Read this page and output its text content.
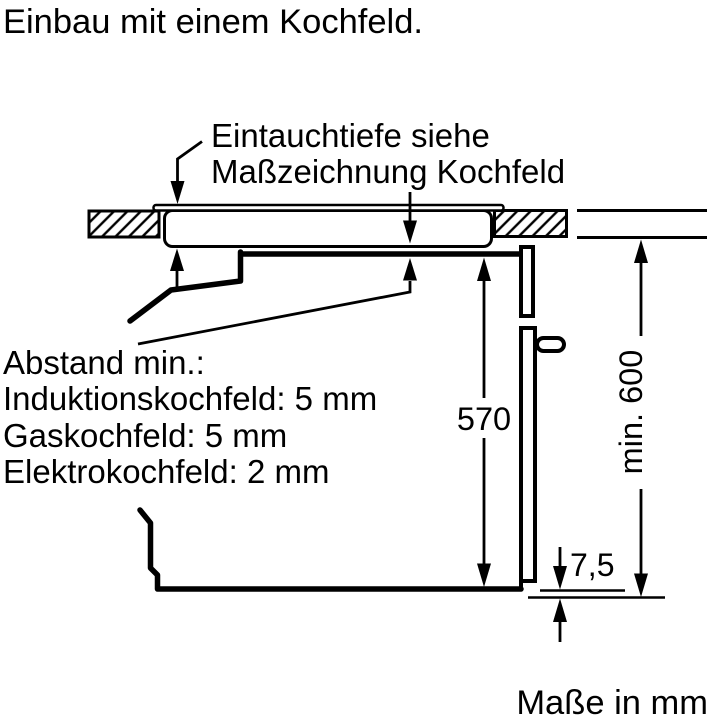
Einbau mit einem Kochfeld.
Eintauchtiefe siehe
Maßzeichnung Kochfeld
Abstand min.:
Induktionskochfeld: 5 mm
Gaskochfeld: 5 mm
Elektrokochfeld: 2 mm
570	min. 600
7,5
Maße in mm
